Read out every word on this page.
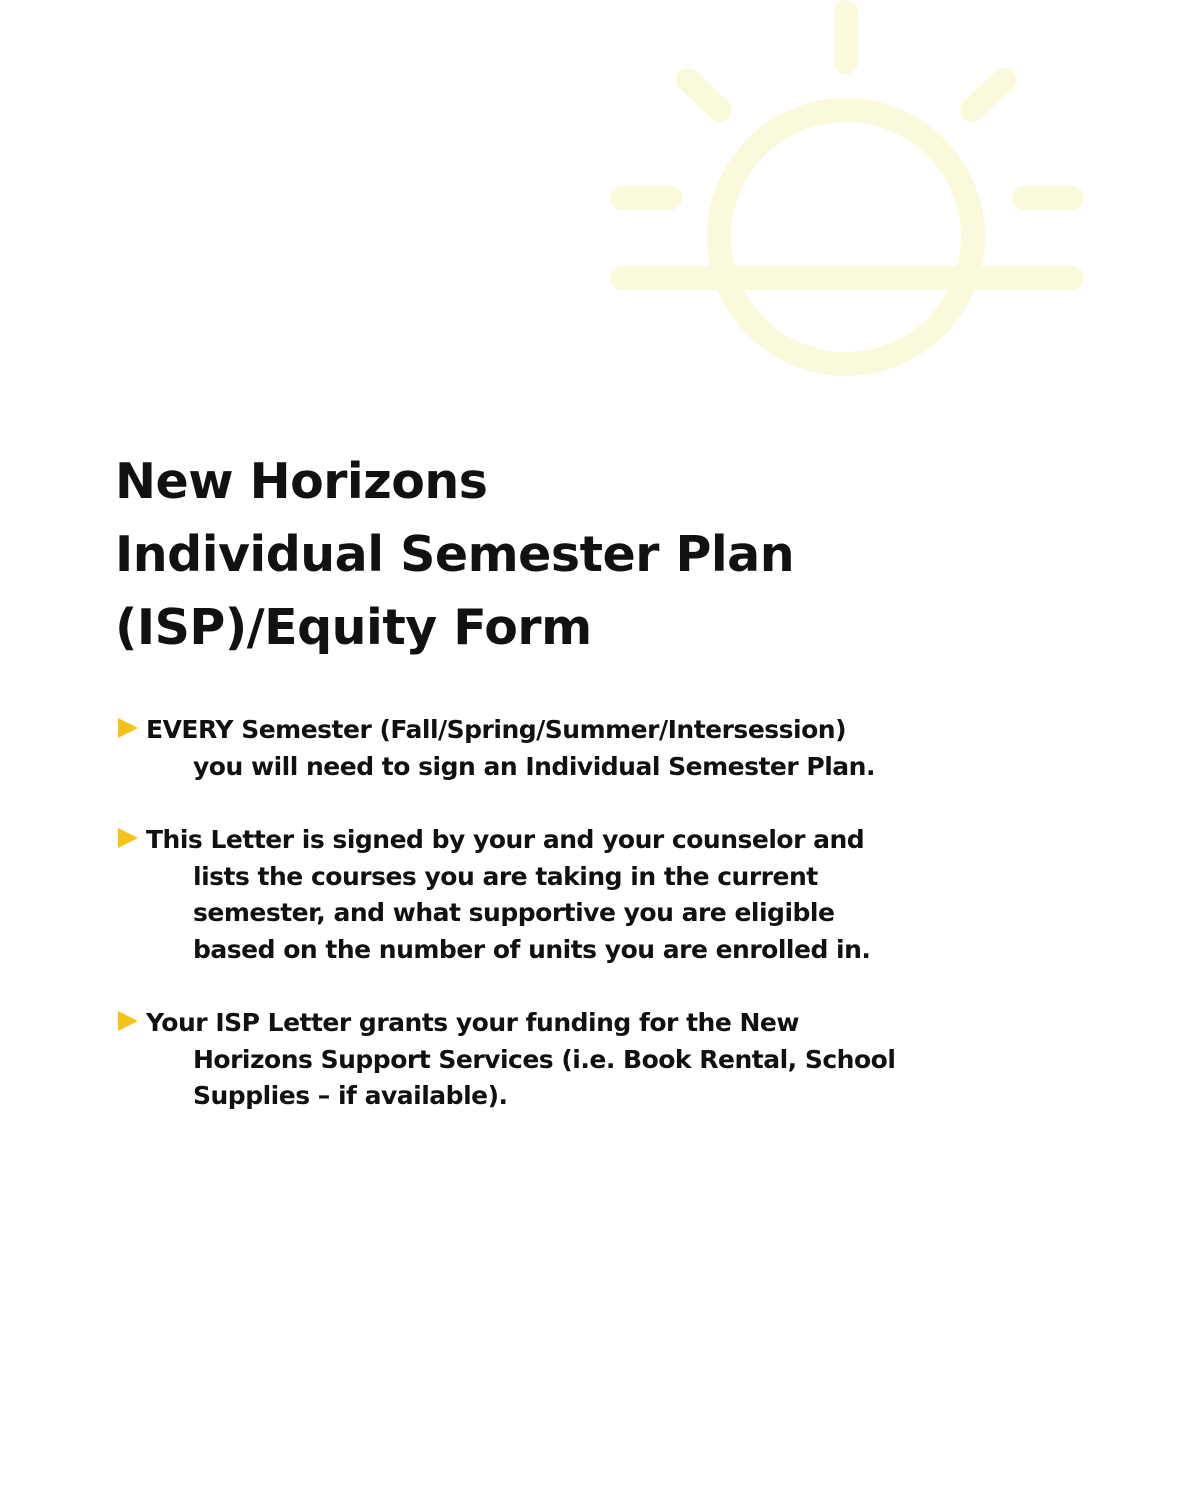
New Horizons
Individual Semester Plan
(ISP)/Equity Form
EVERY Semester (Fall/Spring/Summer/Intersession)
you will need to sign an Individual Semester Plan.
This Letter is signed by your and your counselor and
lists the courses you are taking in the current
semester, and what supportive you are eligible
based on the number of units you are enrolled in.
Your ISP Letter grants your funding for the New
Horizons Support Services (i.e. Book Rental, School
Supplies – if available).
